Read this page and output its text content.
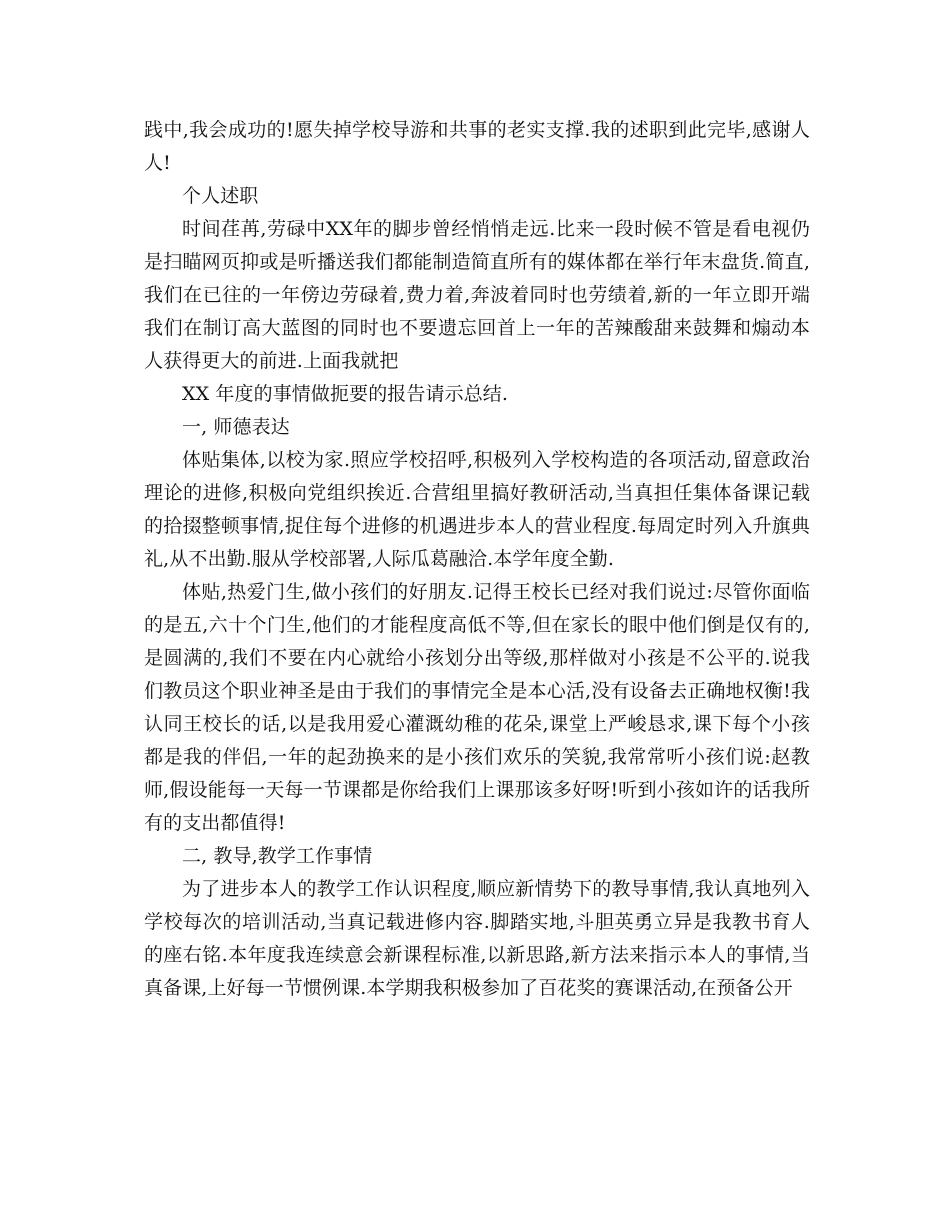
践中,我会成功的!愿失掉学校导游和共事的老实支撑.我的述职到此完毕,感谢人人!

个人述职

时间荏苒,劳碌中XX年的脚步曾经悄悄走远.比来一段时候不管是看电视仍是扫瞄网页抑或是听播送我们都能制造简直所有的媒体都在举行年末盘货.简直,我们在已往的一年傍边劳碌着,费力着,奔波着同时也劳绩着,新的一年立即开端我们在制订高大蓝图的同时也不要遗忘回首上一年的苦辣酸甜来鼓舞和煽动本人获得更大的前进.上面我就把

XX 年度的事情做扼要的报告请示总结.

一, 师德表达

体贴集体,以校为家.照应学校招呼,积极列入学校构造的各项活动,留意政治理论的进修,积极向党组织挨近.合营组里搞好教研活动,当真担任集体备课记载的拾掇整顿事情,捉住每个进修的机遇进步本人的营业程度.每周定时列入升旗典礼,从不出勤.服从学校部署,人际瓜葛融洽.本学年度全勤.

体贴,热爱门生,做小孩们的好朋友.记得王校长已经对我们说过:尽管你面临的是五,六十个门生,他们的才能程度高低不等,但在家长的眼中他们倒是仅有的,是圆满的,我们不要在内心就给小孩划分出等级,那样做对小孩是不公平的.说我们教员这个职业神圣是由于我们的事情完全是本心活,没有设备去正确地权衡!我认同王校长的话,以是我用爱心灌溉幼稚的花朵,课堂上严峻恳求,课下每个小孩都是我的伴侣,一年的起劲换来的是小孩们欢乐的笑貌,我常常听小孩们说:赵教师,假设能每一天每一节课都是你给我们上课那该多好呀!听到小孩如许的话我所有的支出都值得!

二, 教导,教学工作事情

为了进步本人的教学工作认识程度,顺应新情势下的教导事情,我认真地列入学校每次的培训活动,当真记载进修内容.脚踏实地,斗胆英勇立异是我教书育人的座右铭.本年度我连续意会新课程标准,以新思路,新方法来指示本人的事情,当真备课,上好每一节惯例课.本学期我积极参加了百花奖的赛课活动,在预备公开
